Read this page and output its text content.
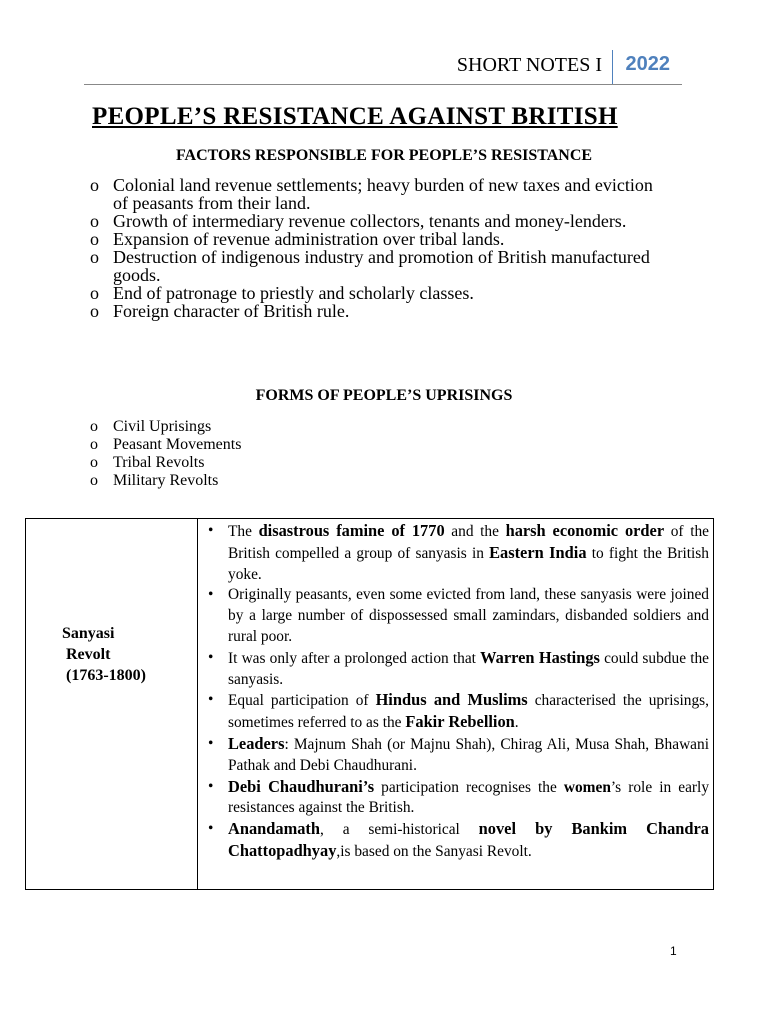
SHORT NOTES I 2022
PEOPLE’S RESISTANCE AGAINST BRITISH
FACTORS RESPONSIBLE FOR PEOPLE’S RESISTANCE
o Colonial land revenue settlements; heavy burden of new taxes and eviction of peasants from their land.
o Growth of intermediary revenue collectors, tenants and money-lenders.
o Expansion of revenue administration over tribal lands.
o Destruction of indigenous industry and promotion of British manufactured goods.
o End of patronage to priestly and scholarly classes.
o Foreign character of British rule.
FORMS OF PEOPLE’S UPRISINGS
o Civil Uprisings
o Peasant Movements
o Tribal Revolts
o Military Revolts
Sanyasi
Revolt
(1763-1800)
• The disastrous famine of 1770 and the harsh economic order of the British compelled a group of sanyasis in Eastern India to fight the British yoke.
• Originally peasants, even some evicted from land, these sanyasis were joined by a large number of dispossessed small zamindars, disbanded soldiers and rural poor.
• It was only after a prolonged action that Warren Hastings could subdue the sanyasis.
• Equal participation of Hindus and Muslims characterised the uprisings, sometimes referred to as the Fakir Rebellion.
• Leaders: Majnum Shah (or Majnu Shah), Chirag Ali, Musa Shah, Bhawani Pathak and Debi Chaudhurani.
• Debi Chaudhurani’s participation recognises the women’s role in early resistances against the British.
• Anandamath, a semi-historical novel by Bankim Chandra Chattopadhyay,is based on the Sanyasi Revolt.
1
